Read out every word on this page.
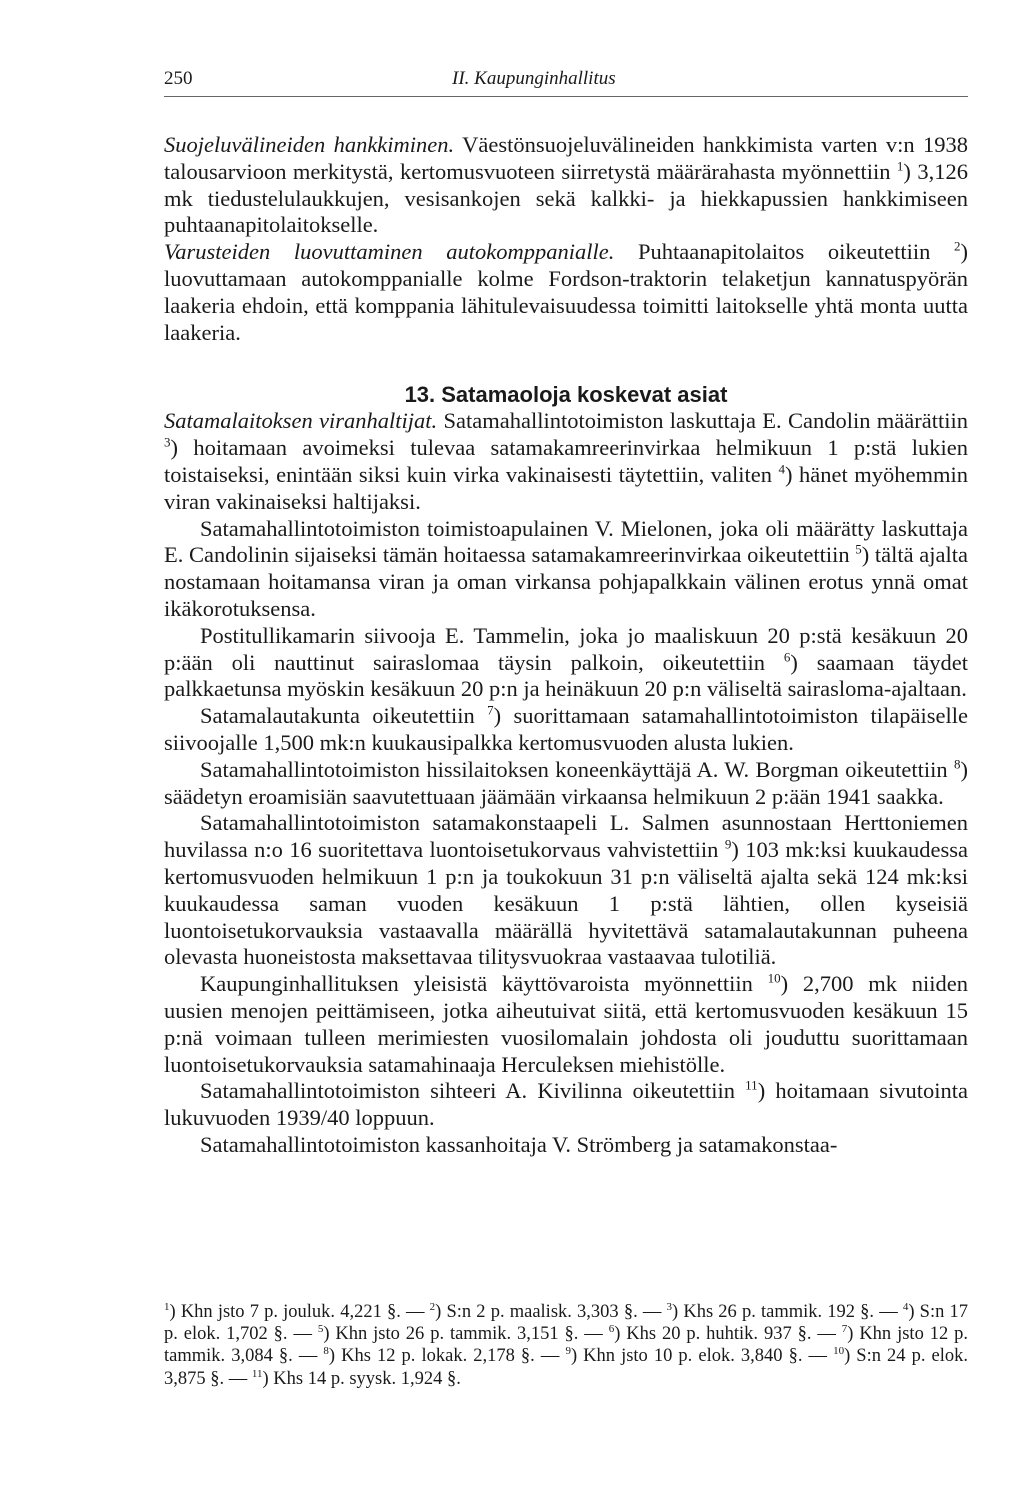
250	II. Kaupunginhallitus

Suojeluvälineiden hankkiminen. Väestönsuojeluvälineiden hankkimista varten v:n 1938 talousarvioon merkitystä, kertomusvuoteen siirretystä määrärahasta myönnettiin $^1$) 3,126 mk tiedustelulaukkujen, vesisankojen sekä kalkki- ja hiekkapussien hankkimiseen puhtaanapitolaitokselle.

Varusteiden luovuttaminen autokomppanialle. Puhtaanapitolaitos oikeutettiin $^2$) luovuttamaan autokomppanialle kolme Fordson-traktorin telaketjun kannatuspyörän laakeria ehdoin, että komppania lähitulevaisuudessa toimitti laitokselle yhtä monta uutta laakeria.

13. Satamaoloja koskevat asiat

Satamalaitoksen viranhaltijat. Satamahallintotoimiston laskuttaja E. Candolin määrättiin $^3$) hoitamaan avoimeksi tulevaa satamakamreerinvirkaa helmikuun 1 p:stä lukien toistaiseksi, enintään siksi kuin virka vakinaisesti täytettiin, valiten $^4$) hänet myöhemmin viran vakinaiseksi haltijaksi.

Satamahallintotoimiston toimistoapulainen V. Mielonen, joka oli määrätty laskuttaja E. Candolinin sijaiseksi tämän hoitaessa satamakamreerinvirkaa oikeutettiin $^5$) tältä ajalta nostamaan hoitamansa viran ja oman virkansa pohjapalkkain välinen erotus ynnä omat ikäkorotuksensa.

Postitullikamarin siivooja E. Tammelin, joka jo maaliskuun 20 p:stä kesäkuun 20 p:ään oli nauttinut sairaslomaa täysin palkoin, oikeutettiin $^6$) saamaan täydet palkkaetunsa myöskin kesäkuun 20 p:n ja heinäkuun 20 p:n väliseltä sairasloma-ajaltaan.

Satamalautakunta oikeutettiin $^7$) suorittamaan satamahallintotoimiston tilapäiselle siivoojalle 1,500 mk:n kuukausipalkka kertomusvuoden alusta lukien.

Satamahallintotoimiston hissilaitoksen koneenkäyttäjä A. W. Borgman oikeutettiin $^8$) säädetyn eroamisiän saavutettuaan jäämään virkaansa helmikuun 2 p:ään 1941 saakka.

Satamahallintotoimiston satamakonstaapeli L. Salmen asunnostaan Herttoniemen huvilassa n:o 16 suoritettava luontoisetukorvaus vahvistettiin $^9$) 103 mk:ksi kuukaudessa kertomusvuoden helmikuun 1 p:n ja toukokuun 31 p:n väliseltä ajalta sekä 124 mk:ksi kuukaudessa saman vuoden kesäkuun 1 p:stä lähtien, ollen kyseisiä luontoisetukorvauksia vastaavalla määrällä hyvitettävä satamalautakunnan puheena olevasta huoneistosta maksettavaa tilitysvuokraa vastaavaa tulotiliä.

Kaupunginhallituksen yleisistä käyttövaroista myönnettiin $^{10}$) 2,700 mk niiden uusien menojen peittämiseen, jotka aiheutuivat siitä, että kertomusvuoden kesäkuun 15 p:nä voimaan tulleen merimiesten vuosilomalain johdosta oli jouduttu suorittamaan luontoisetukorvauksia satamahinaaja Herculeksen miehistölle.

Satamahallintotoimiston sihteeri A. Kivilinna oikeutettiin $^{11}$) hoitamaan sivutointa lukuvuoden 1939/40 loppuun.

Satamahallintotoimiston kassanhoitaja V. Strömberg ja satamakonstaa-

$^1$) Khn jsto 7 p. jouluk. 4,221 §. — $^2$) S:n 2 p. maalisk. 3,303 §. — $^3$) Khs 26 p. tammik. 192 §. — $^4$) S:n 17 p. elok. 1,702 §. — $^5$) Khn jsto 26 p. tammik. 3,151 §. — $^6$) Khs 20 p. huhtik. 937 §. — $^7$) Khn jsto 12 p. tammik. 3,084 §. — $^8$) Khs 12 p. lokak. 2,178 §. — $^9$) Khn jsto 10 p. elok. 3,840 §. — $^{10}$) S:n 24 p. elok. 3,875 §. — $^{11}$) Khs 14 p. syysk. 1,924 §.
